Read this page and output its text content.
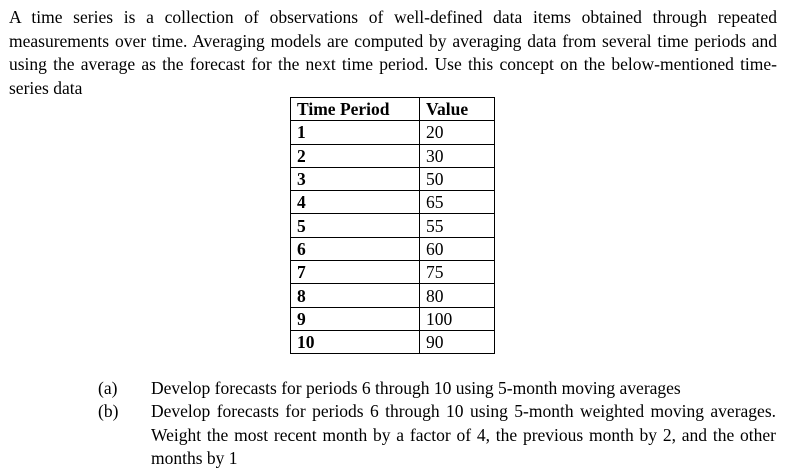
A time series is a collection of observations of well-defined data items obtained through repeated measurements over time. Averaging models are computed by averaging data from several time periods and using the average as the forecast for the next time period. Use this concept on the below-mentioned time-series data

Time Period	Value
1	20
2	30
3	50
4	65
5	55
6	60
7	75
8	80
9	100
10	90
(a) Develop forecasts for periods 6 through 10 using 5-month moving averages
(b) Develop forecasts for periods 6 through 10 using 5-month weighted moving averages. Weight the most recent month by a factor of 4, the previous month by 2, and the other months by 1
